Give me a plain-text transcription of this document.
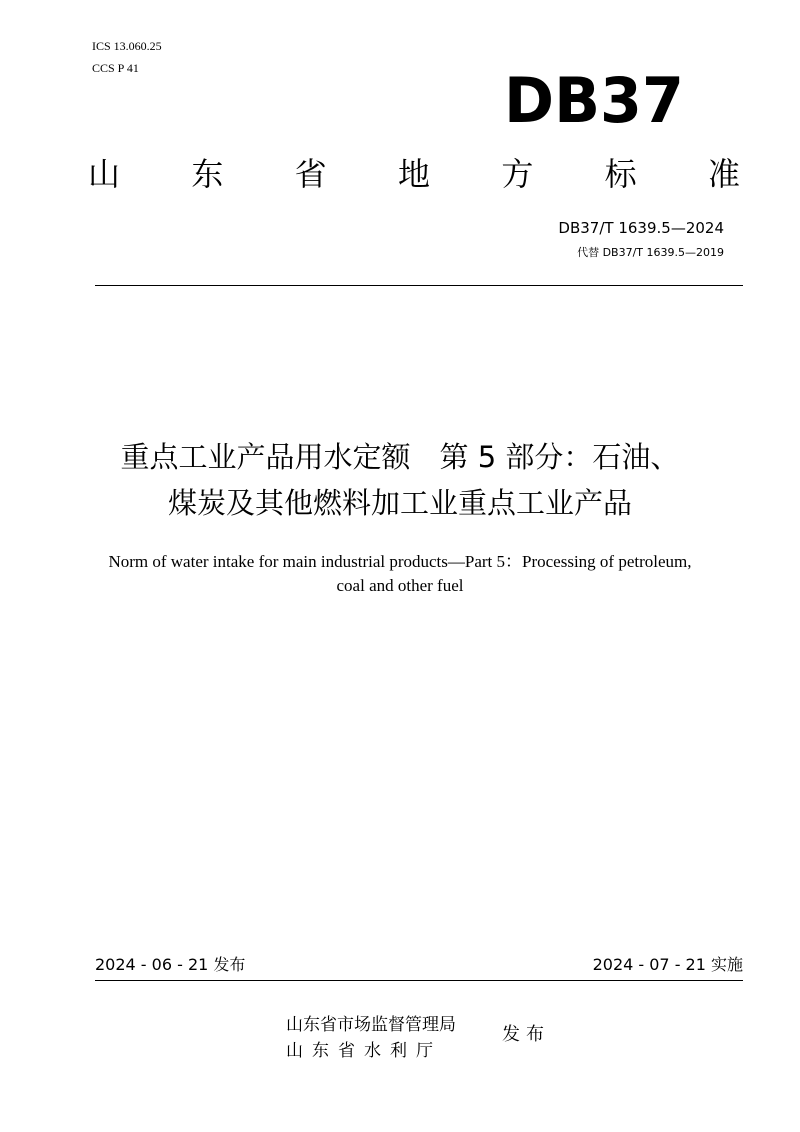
ICS 13.060.25
CCS P 41	DB37
山 东 省 地 方 标 准
DB37/T 1639.5—2024
代替 DB37/T 1639.5—2019
重点工业产品用水定额　第 5 部分：石油、
煤炭及其他燃料加工业重点工业产品
Norm of water intake for main industrial products—Part 5：Processing of petroleum,
coal and other fuel
2024 - 06 - 21 发布	2024 - 07 - 21 实施
山东省市场监督管理局
山东省水利厅
发布
